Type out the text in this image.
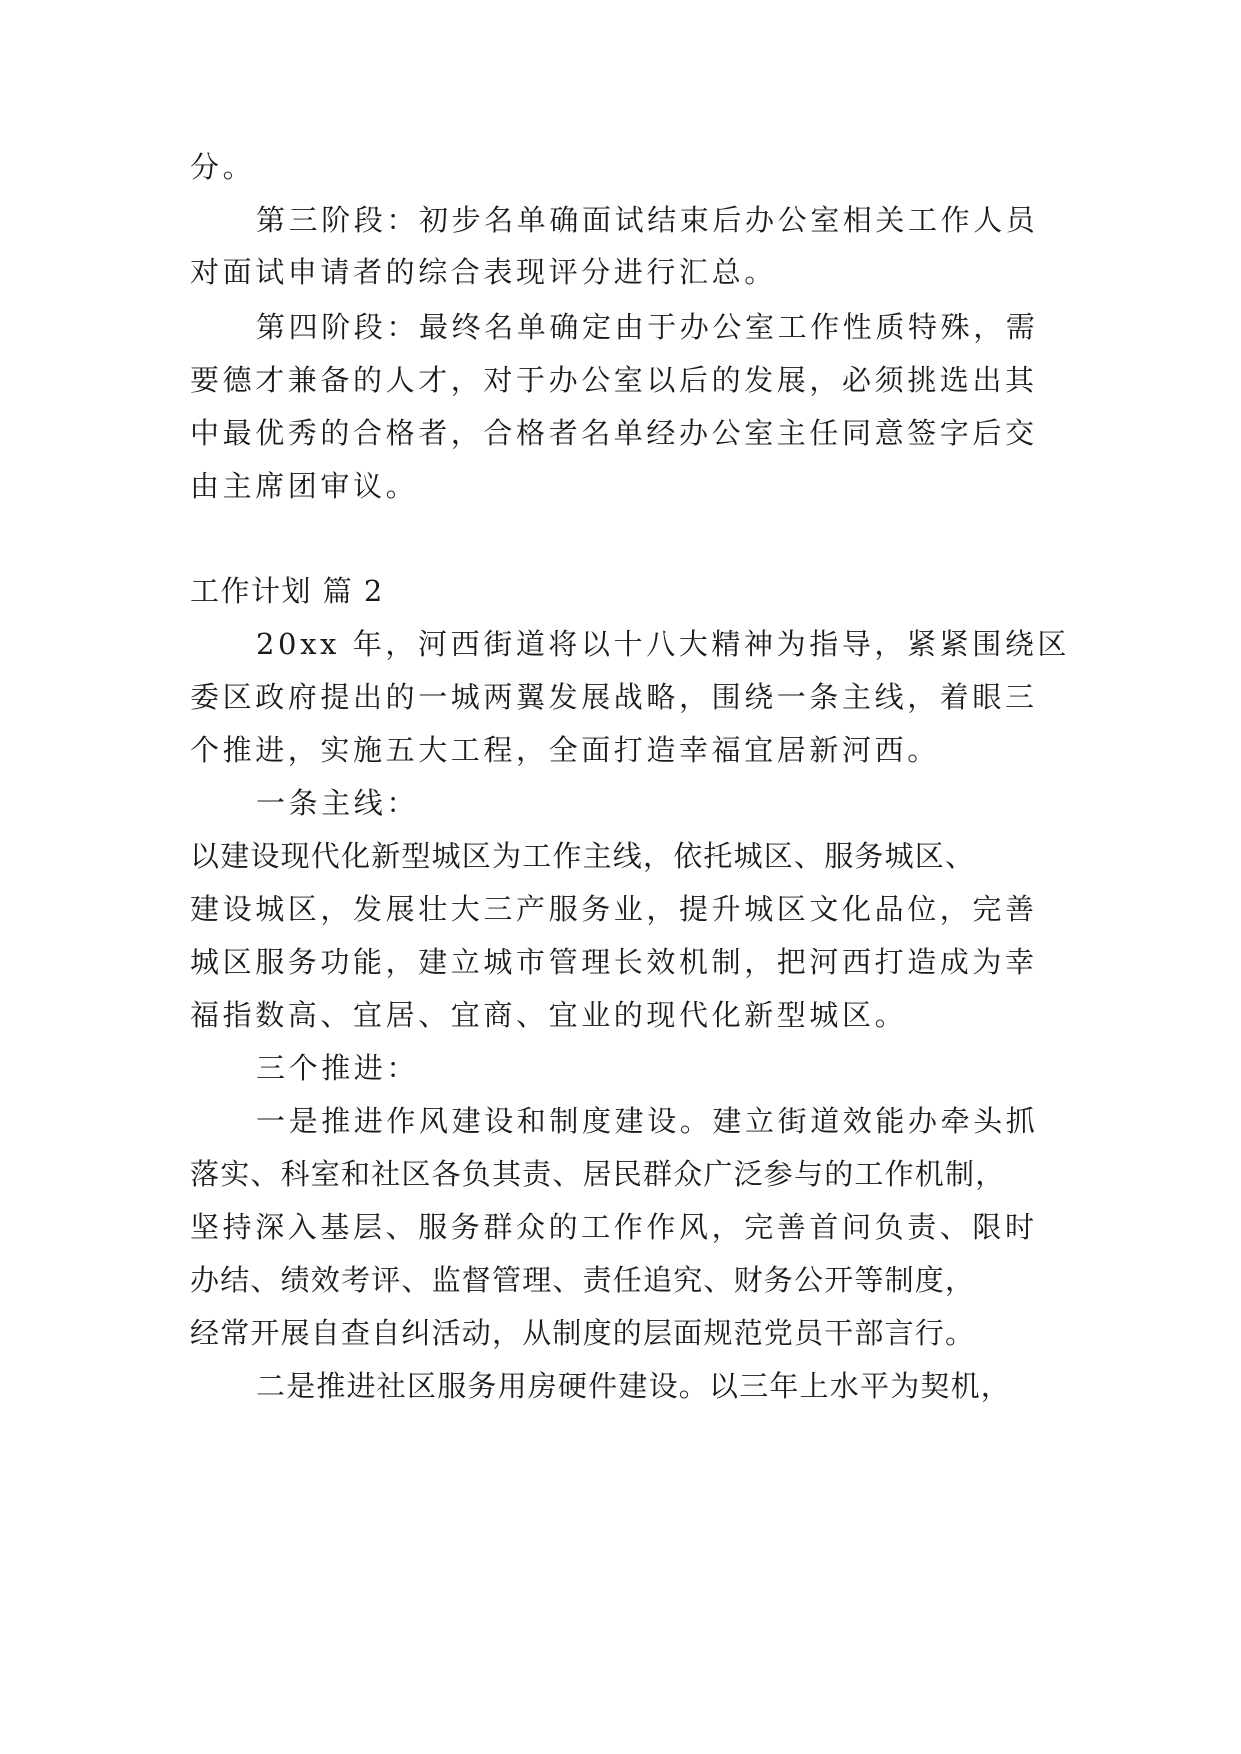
分。
第三阶段：初步名单确面试结束后办公室相关工作人员
对面试申请者的综合表现评分进行汇总。
第四阶段：最终名单确定由于办公室工作性质特殊，需
要德才兼备的人才，对于办公室以后的发展，必须挑选出其
中最优秀的合格者，合格者名单经办公室主任同意签字后交
由主席团审议。
工作计划 篇 2
20xx 年，河西街道将以十八大精神为指导，紧紧围绕区
委区政府提出的一城两翼发展战略，围绕一条主线，着眼三
个推进，实施五大工程，全面打造幸福宜居新河西。
一条主线：
以建设现代化新型城区为工作主线，依托城区、服务城区、
建设城区，发展壮大三产服务业，提升城区文化品位，完善
城区服务功能，建立城市管理长效机制，把河西打造成为幸
福指数高、宜居、宜商、宜业的现代化新型城区。
三个推进：
一是推进作风建设和制度建设。建立街道效能办牵头抓
落实、科室和社区各负其责、居民群众广泛参与的工作机制，
坚持深入基层、服务群众的工作作风，完善首问负责、限时
办结、绩效考评、监督管理、责任追究、财务公开等制度，
经常开展自查自纠活动，从制度的层面规范党员干部言行。
二是推进社区服务用房硬件建设。以三年上水平为契机，
